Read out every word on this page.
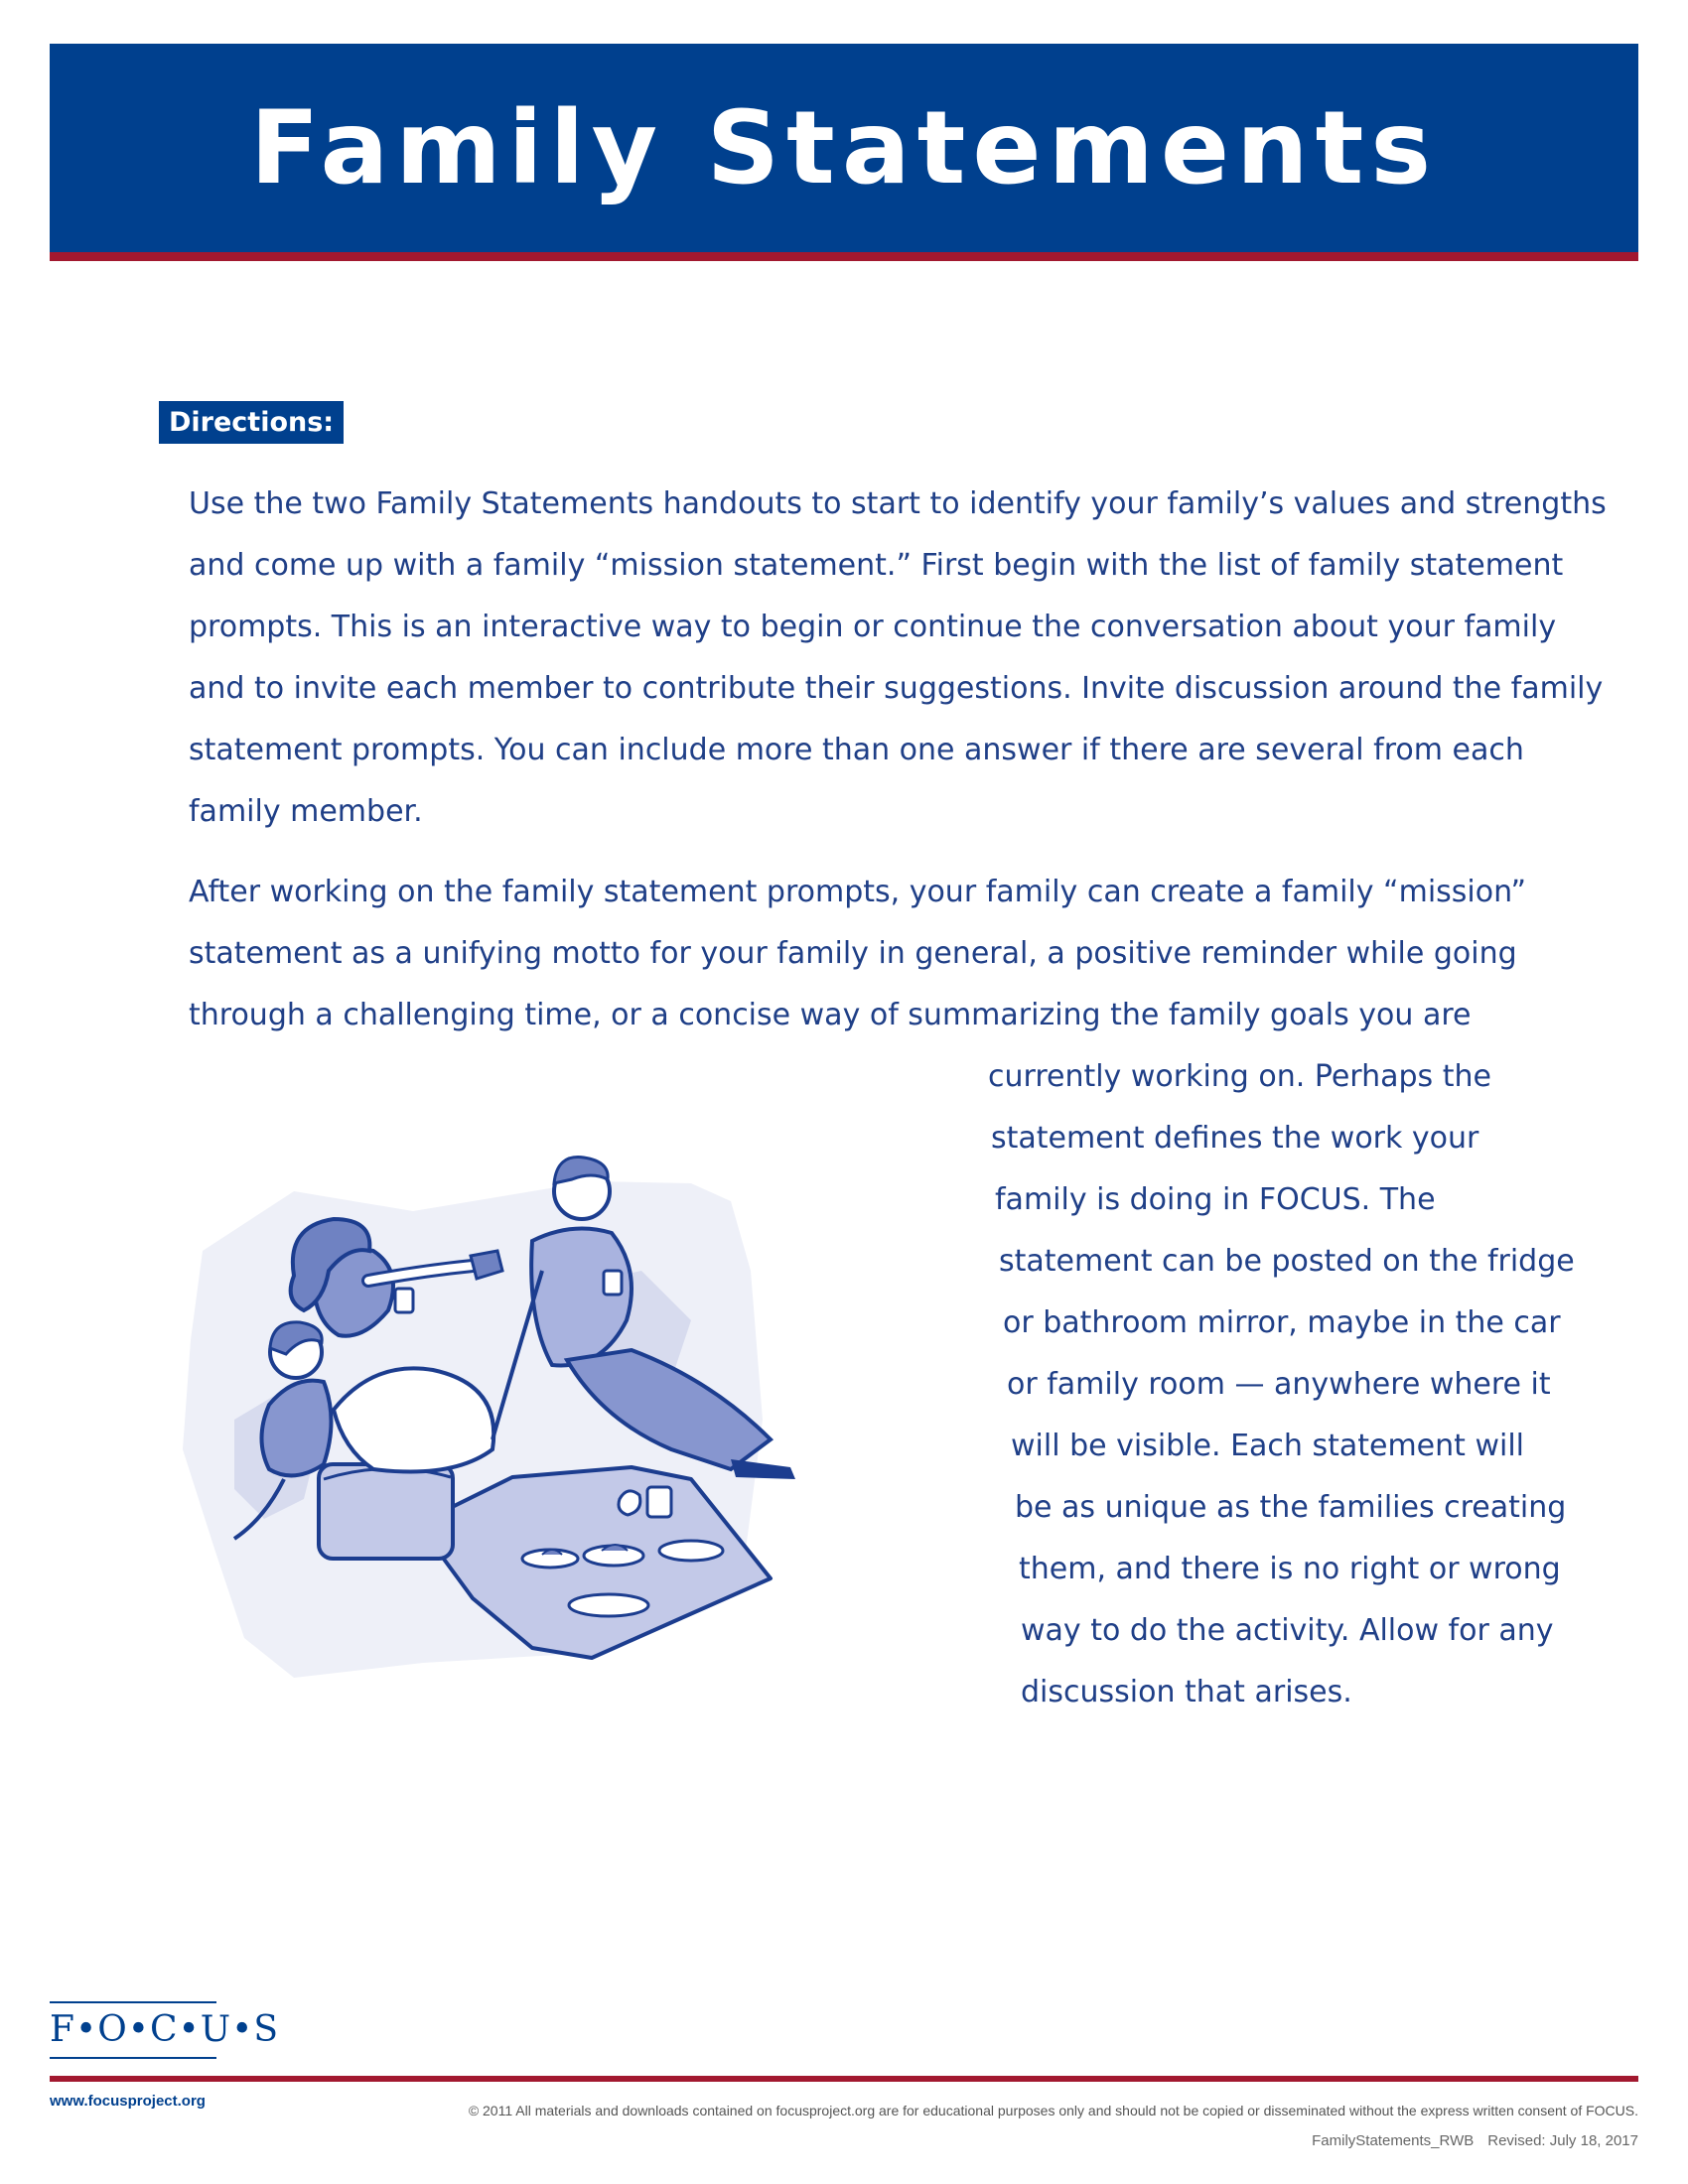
Family Statements
Directions:
Use the two Family Statements handouts to start to identify your family’s values and strengths
and come up with a family “mission statement.” First begin with the list of family statement
prompts. This is an interactive way to begin or continue the conversation about your family
and to invite each member to contribute their suggestions. Invite discussion around the family
statement prompts. You can include more than one answer if there are several from each
family member.
After working on the family statement prompts, your family can create a family “mission”
statement as a unifying motto for your family in general, a positive reminder while going
through a challenging time, or a concise way of summarizing the family goals you are
currently working on. Perhaps the
statement defines the work your
family is doing in FOCUS. The
statement can be posted on the fridge
or bathroom mirror, maybe in the car
or family room — anywhere where it
will be visible. Each statement will
be as unique as the families creating
them, and there is no right or wrong
way to do the activity. Allow for any
discussion that arises.
F•O•C•U•S
www.focusproject.org
© 2011 All materials and downloads contained on focusproject.org are for educational purposes only and should not be copied or disseminated without the express written consent of FOCUS.
FamilyStatements_RWB Revised: July 18, 2017
